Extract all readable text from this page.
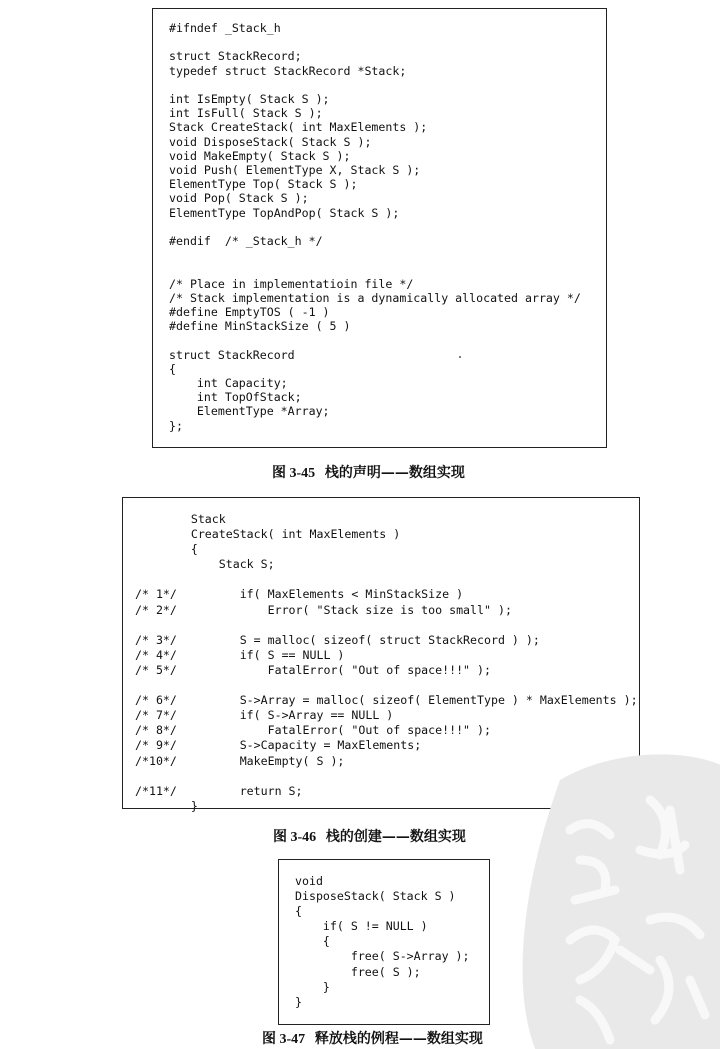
#ifndef _Stack_h

struct StackRecord;
typedef struct StackRecord *Stack;

int IsEmpty( Stack S );
int IsFull( Stack S );
Stack CreateStack( int MaxElements );
void DisposeStack( Stack S );
void MakeEmpty( Stack S );
void Push( ElementType X, Stack S );
ElementType Top( Stack S );
void Pop( Stack S );
ElementType TopAndPop( Stack S );

#endif  /* _Stack_h */

/* Place in implementatioin file */
/* Stack implementation is a dynamically allocated array */
#define EmptyTOS ( -1 )
#define MinStackSize ( 5 )

struct StackRecord
{
int Capacity;
int TopOfStack;
ElementType *Array;
};
图 3-45 栈的声明——数组实现
Stack
CreateStack( int MaxElements )
{
Stack S;

/* 1*/         if( MaxElements < MinStackSize )
/* 2*/             Error( "Stack size is too small" );

/* 3*/         S = malloc( sizeof( struct StackRecord ) );
/* 4*/         if( S == NULL )
/* 5*/             FatalError( "Out of space!!!" );

/* 6*/         S->Array = malloc( sizeof( ElementType ) * MaxElements );
/* 7*/         if( S->Array == NULL )
/* 8*/             FatalError( "Out of space!!!" );
/* 9*/         S->Capacity = MaxElements;
/*10*/         MakeEmpty( S );

/*11*/         return S;
}
图 3-46 栈的创建——数组实现
void
DisposeStack( Stack S )
{
if( S != NULL )
{
free( S->Array );
free( S );
}
}
图 3-47 释放栈的例程——数组实现
